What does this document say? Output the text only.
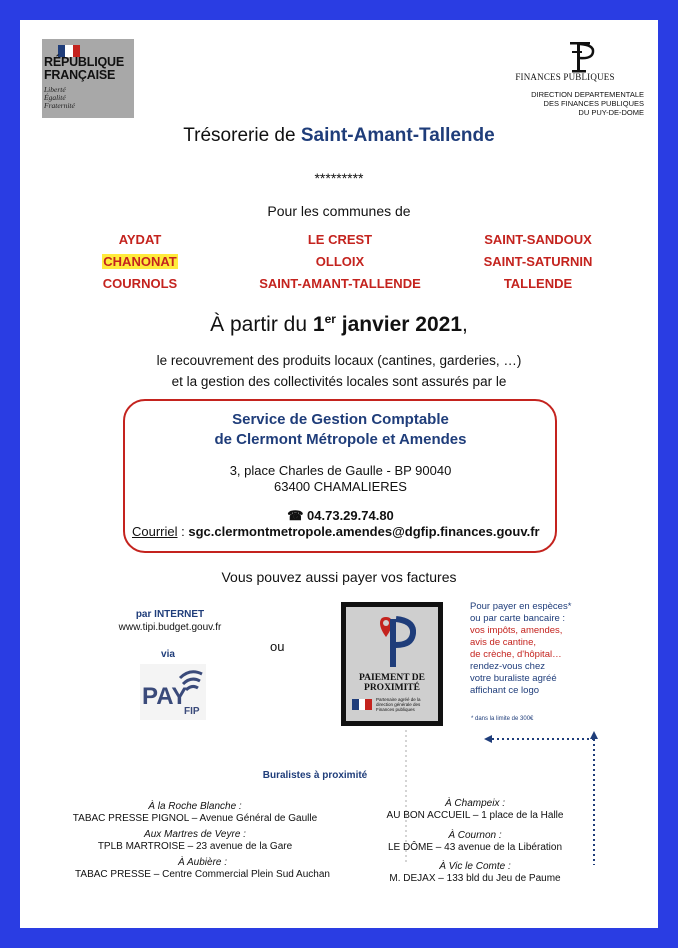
RÉPUBLIQUE
FRANÇAISE
Liberté
Égalité
Fraternité
FINANCES PUBLIQUES
DIRECTION DEPARTEMENTALE
DES FINANCES PUBLIQUES
DU PUY-DE-DOME
Trésorerie de Saint-Amant-Tallende
*********
Pour les communes de
AYDAT	LE CREST	SAINT-SANDOUX
CHANONAT	OLLOIX	SAINT-SATURNIN
COURNOLS	SAINT-AMANT-TALLENDE	TALLENDE
À partir du 1er janvier 2021,
le recouvrement des produits locaux (cantines, garderies, …)
et la gestion des collectivités locales sont assurés par le
Service de Gestion Comptable
de Clermont Métropole et Amendes
3, place Charles de Gaulle - BP 90040
63400 CHAMALIERES
☎ 04.73.29.74.80
Courriel : sgc.clermontmetropole.amendes@dgfip.finances.gouv.fr
Vous pouvez aussi payer vos factures
par INTERNET
www.tipi.budget.gouv.fr
via
PAY
FIP
ou
PAIEMENT DE
PROXIMITÉ
Partenaire agréé de la direction générale des Finances publiques
Pour payer en espèces*
ou par carte bancaire :
vos impôts, amendes,
avis de cantine,
de crèche, d'hôpital…
rendez-vous chez
votre buraliste agréé
affichant ce logo
* dans la limite de 300€
Buralistes à proximité
À la Roche Blanche :
TABAC PRESSE PIGNOL – Avenue Général de Gaulle
Aux Martres de Veyre :
TPLB MARTROISE – 23 avenue de la Gare
À Aubière :
TABAC PRESSE – Centre Commercial Plein Sud Auchan
À Champeix :
AU BON ACCUEIL – 1 place de la Halle
À Cournon :
LE DÔME – 43 avenue de la Libération
À Vic le Comte :
M. DEJAX – 133 bld du Jeu de Paume
